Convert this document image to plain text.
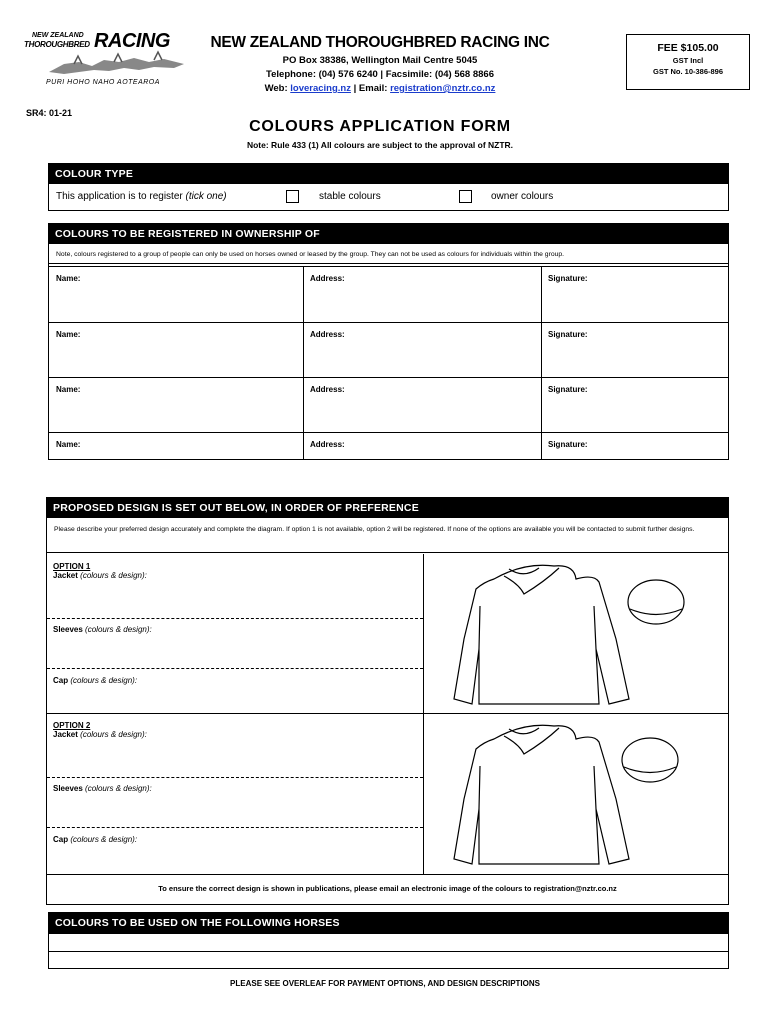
NEW ZEALAND
THOROUGHBRED RACING
PURI HOHO NAHO AOTEAROA
NEW ZEALAND THOROUGHBRED RACING INC
PO Box 38386, Wellington Mail Centre 5045
Telephone: (04) 576 6240 | Facsimile: (04) 568 8866
Web: loveracing.nz | Email: registration@nztr.co.nz
FEE $105.00
GST Incl
GST No. 10-386-896
SR4: 01-21
COLOURS APPLICATION FORM
Note: Rule 433 (1) All colours are subject to the approval of NZTR.
COLOUR TYPE
This application is to register (tick one)	stable colours	owner colours
COLOURS TO BE REGISTERED IN OWNERSHIP OF
Note, colours registered to a group of people can only be used on horses owned or leased by the group. They can not be used as colours for individuals within the group.
Name:	Address:	Signature:
Name:	Address:	Signature:
Name:	Address:	Signature:
Name:	Address:	Signature:
PROPOSED DESIGN IS SET OUT BELOW, IN ORDER OF PREFERENCE
Please describe your preferred design accurately and complete the diagram. If option 1 is not available, option 2 will be registered. If none of the options are available you will be contacted to submit further designs.
OPTION 1
Jacket (colours & design):
Sleeves (colours & design):
Cap (colours & design):
OPTION 2
Jacket (colours & design):
Sleeves (colours & design):
Cap (colours & design):
To ensure the correct design is shown in publications, please email an electronic image of the colours to registration@nztr.co.nz
COLOURS TO BE USED ON THE FOLLOWING HORSES
PLEASE SEE OVERLEAF FOR PAYMENT OPTIONS, AND DESIGN DESCRIPTIONS
